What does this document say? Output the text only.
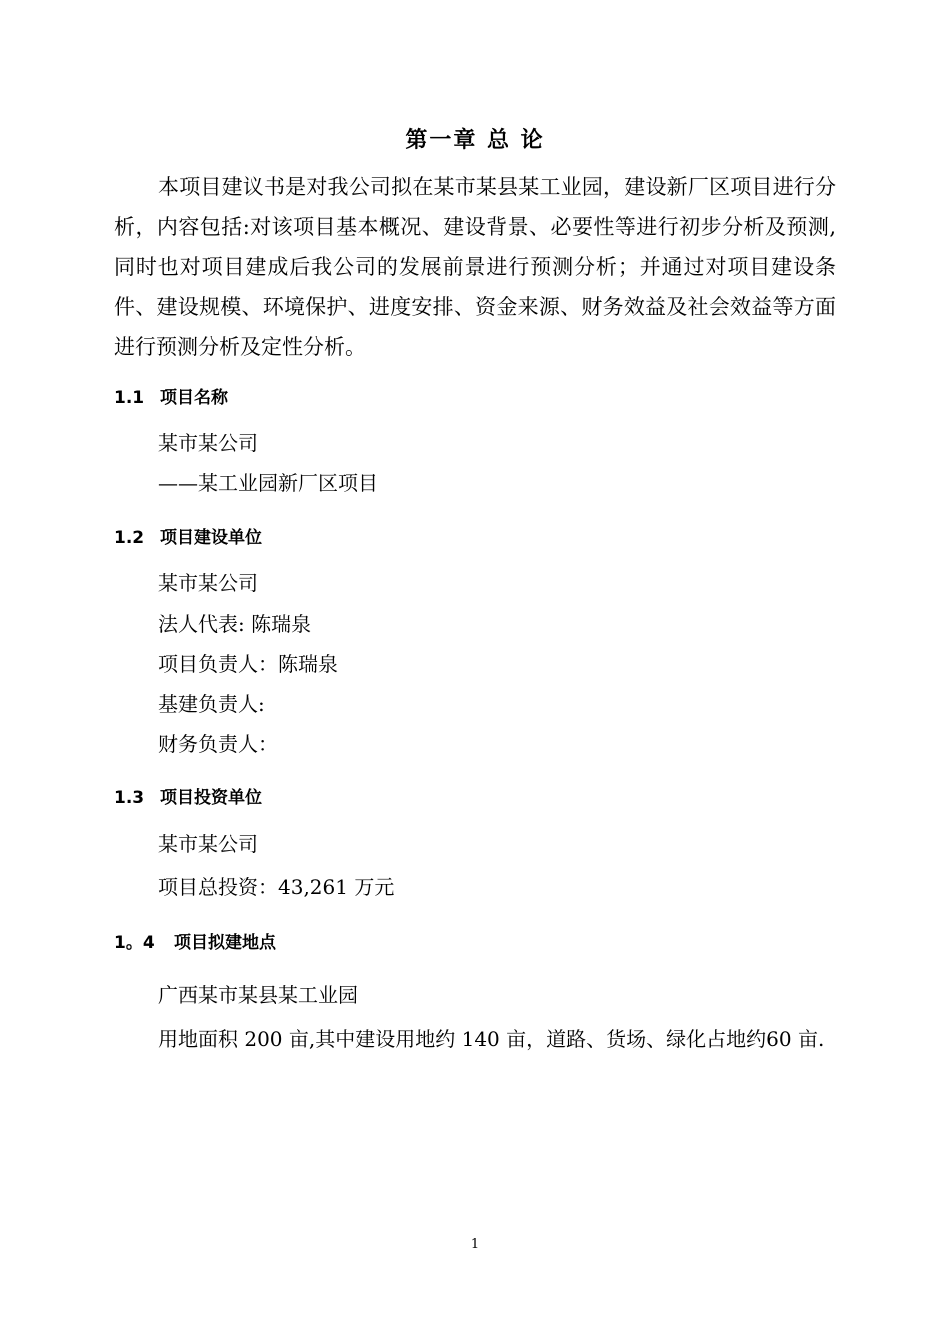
第一章 总 论

本项目建议书是对我公司拟在某市某县某工业园，建设新厂区项目进行分析，内容包括:对该项目基本概况、建设背景、必要性等进行初步分析及预测,同时也对项目建成后我公司的发展前景进行预测分析；并通过对项目建设条件、建设规模、环境保护、进度安排、资金来源、财务效益及社会效益等方面进行预测分析及定性分析。

1.1 项目名称
某市某公司
——某工业园新厂区项目
1.2 项目建设单位
某市某公司
法人代表: 陈瑞泉
项目负责人：陈瑞泉
基建负责人:
财务负责人：
1.3 项目投资单位
某市某公司
项目总投资：43,261 万元
1。4 项目拟建地点
广西某市某县某工业园

用地面积 200 亩,其中建设用地约 140 亩，道路、货场、绿化占地约60 亩.

1
